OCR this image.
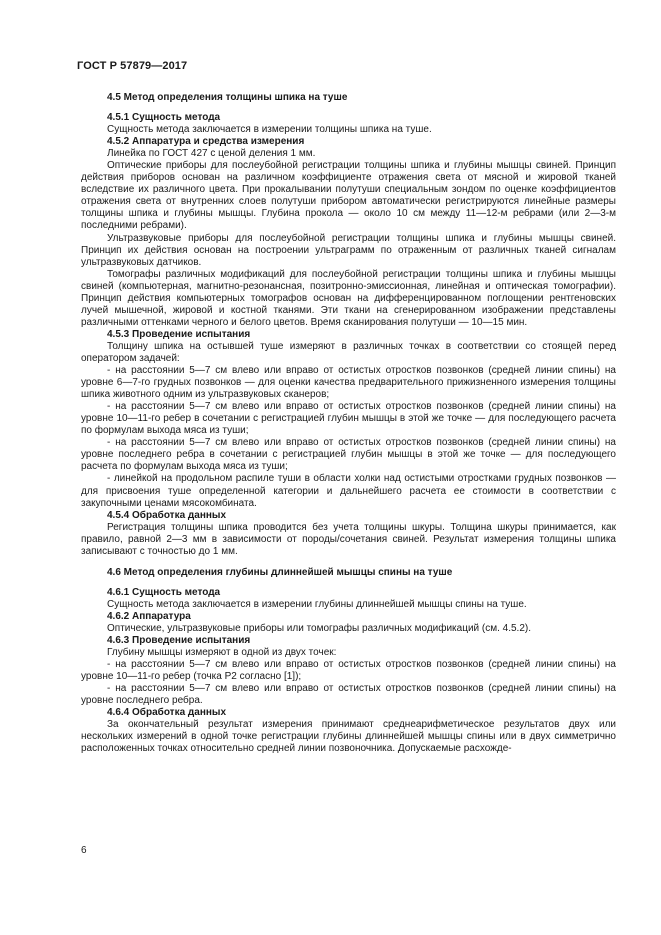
ГОСТ Р 57879—2017

4.5 Метод определения толщины шпика на туше

4.5.1 Сущность метода

Сущность метода заключается в измерении толщины шпика на туше.

4.5.2 Аппаратура и средства измерения

Линейка по ГОСТ 427 с ценой деления 1 мм.

Оптические приборы для послеубойной регистрации толщины шпика и глубины мышцы свиней. Принцип действия приборов основан на различном коэффициенте отражения света от мясной и жировой тканей вследствие их различного цвета. При прокалывании полутуши специальным зондом по оценке коэффициентов отражения света от внутренних слоев полутуши прибором автоматически регистрируются линейные размеры толщины шпика и глубины мышцы. Глубина прокола — около 10 см между 11—12-м ребрами (или 2—3-м последними ребрами).

Ультразвуковые приборы для послеубойной регистрации толщины шпика и глубины мышцы свиней. Принцип их действия основан на построении ультраграмм по отраженным от различных тканей сигналам ультразвуковых датчиков.

Томографы различных модификаций для послеубойной регистрации толщины шпика и глубины мышцы свиней (компьютерная, магнитно-резонансная, позитронно-эмиссионная, линейная и оптическая томографии). Принцип действия компьютерных томографов основан на дифференцированном поглощении рентгеновских лучей мышечной, жировой и костной тканями. Эти ткани на сгенерированном изображении представлены различными оттенками черного и белого цветов. Время сканирования полутуши — 10—15 мин.

4.5.3 Проведение испытания

Толщину шпика на остывшей туше измеряют в различных точках в соответствии со стоящей перед оператором задачей:

- на расстоянии 5—7 см влево или вправо от остистых отростков позвонков (средней линии спины) на уровне 6—7-го грудных позвонков — для оценки качества предварительного прижизненного измерения толщины шпика животного одним из ультразвуковых сканеров;

- на расстоянии 5—7 см влево или вправо от остистых отростков позвонков (средней линии спины) на уровне 10—11-го ребер в сочетании с регистрацией глубин мышцы в этой же точке — для последующего расчета по формулам выхода мяса из туши;

- на расстоянии 5—7 см влево или вправо от остистых отростков позвонков (средней линии спины) на уровне последнего ребра в сочетании с регистрацией глубин мышцы в этой же точке — для последующего расчета по формулам выхода мяса из туши;

- линейкой на продольном распиле туши в области холки над остистыми отростками грудных позвонков — для присвоения туше определенной категории и дальнейшего расчета ее стоимости в соответствии с закупочными ценами мясокомбината.

4.5.4 Обработка данных

Регистрация толщины шпика проводится без учета толщины шкуры. Толщина шкуры принимается, как правило, равной 2—3 мм в зависимости от породы/сочетания свиней. Результат измерения толщины шпика записывают с точностью до 1 мм.

4.6 Метод определения глубины длиннейшей мышцы спины на туше

4.6.1 Сущность метода

Сущность метода заключается в измерении глубины длиннейшей мышцы спины на туше.

4.6.2 Аппаратура

Оптические, ультразвуковые приборы или томографы различных модификаций (см. 4.5.2).

4.6.3 Проведение испытания

Глубину мышцы измеряют в одной из двух точек:

- на расстоянии 5—7 см влево или вправо от остистых отростков позвонков (средней линии спины) на уровне 10—11-го ребер (точка Р2 согласно [1]);

- на расстоянии 5—7 см влево или вправо от остистых отростков позвонков (средней линии спины) на уровне последнего ребра.

4.6.4 Обработка данных

За окончательный результат измерения принимают среднеарифметическое результатов двух или нескольких измерений в одной точке регистрации глубины длиннейшей мышцы спины или в двух симметрично расположенных точках относительно средней линии позвоночника. Допускаемые расхожде-

6
